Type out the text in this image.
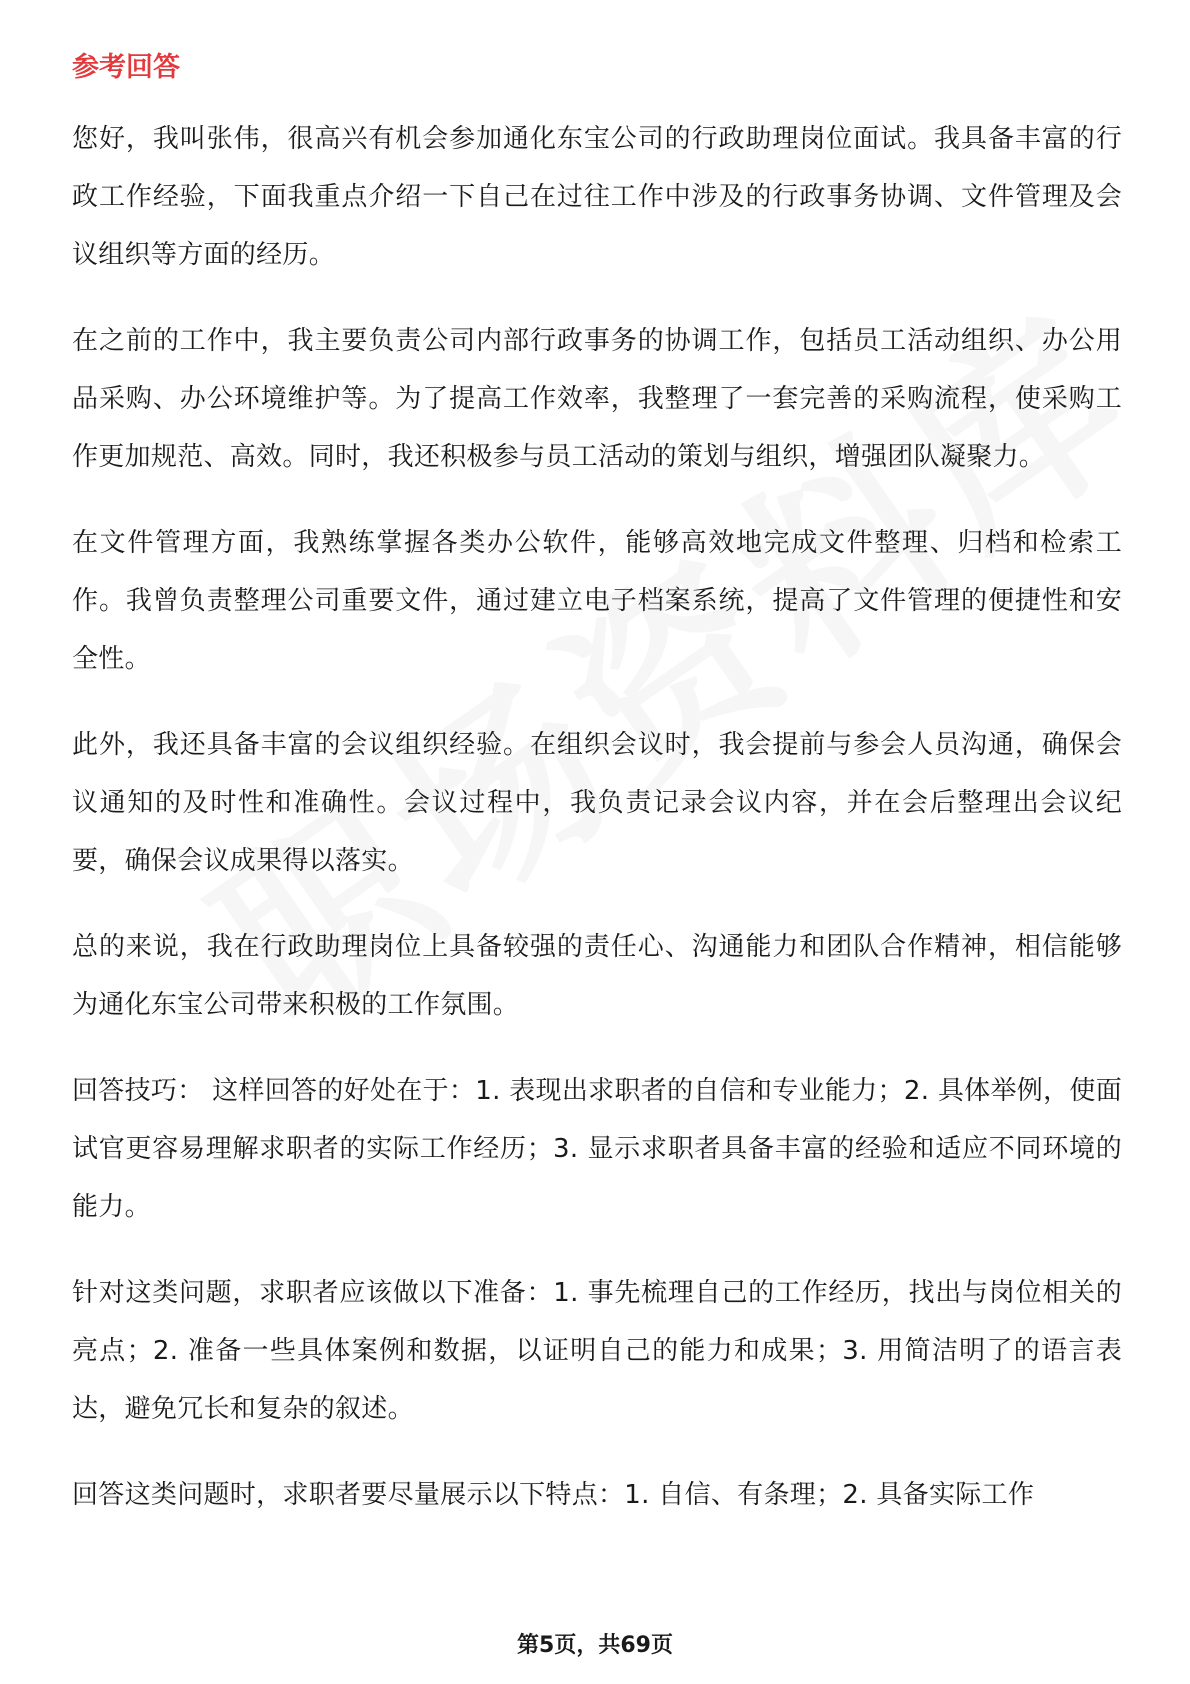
参考回答

您好，我叫张伟，很高兴有机会参加通化东宝公司的行政助理岗位面试。我具备丰富的行政工作经验，下面我重点介绍一下自己在过往工作中涉及的行政事务协调、文件管理及会议组织等方面的经历。

在之前的工作中，我主要负责公司内部行政事务的协调工作，包括员工活动组织、办公用品采购、办公环境维护等。为了提高工作效率，我整理了一套完善的采购流程，使采购工作更加规范、高效。同时，我还积极参与员工活动的策划与组织，增强团队凝聚力。

在文件管理方面，我熟练掌握各类办公软件，能够高效地完成文件整理、归档和检索工作。我曾负责整理公司重要文件，通过建立电子档案系统，提高了文件管理的便捷性和安全性。

此外，我还具备丰富的会议组织经验。在组织会议时，我会提前与参会人员沟通，确保会议通知的及时性和准确性。会议过程中，我负责记录会议内容，并在会后整理出会议纪要，确保会议成果得以落实。

总的来说，我在行政助理岗位上具备较强的责任心、沟通能力和团队合作精神，相信能够为通化东宝公司带来积极的工作氛围。

回答技巧： 这样回答的好处在于：1. 表现出求职者的自信和专业能力；2. 具体举例，使面试官更容易理解求职者的实际工作经历；3. 显示求职者具备丰富的经验和适应不同环境的能力。

针对这类问题，求职者应该做以下准备：1. 事先梳理自己的工作经历，找出与岗位相关的亮点；2. 准备一些具体案例和数据，以证明自己的能力和成果；3. 用简洁明了的语言表达，避免冗长和复杂的叙述。

回答这类问题时，求职者要尽量展示以下特点：1. 自信、有条理；2. 具备实际工作

第5页，共69页
